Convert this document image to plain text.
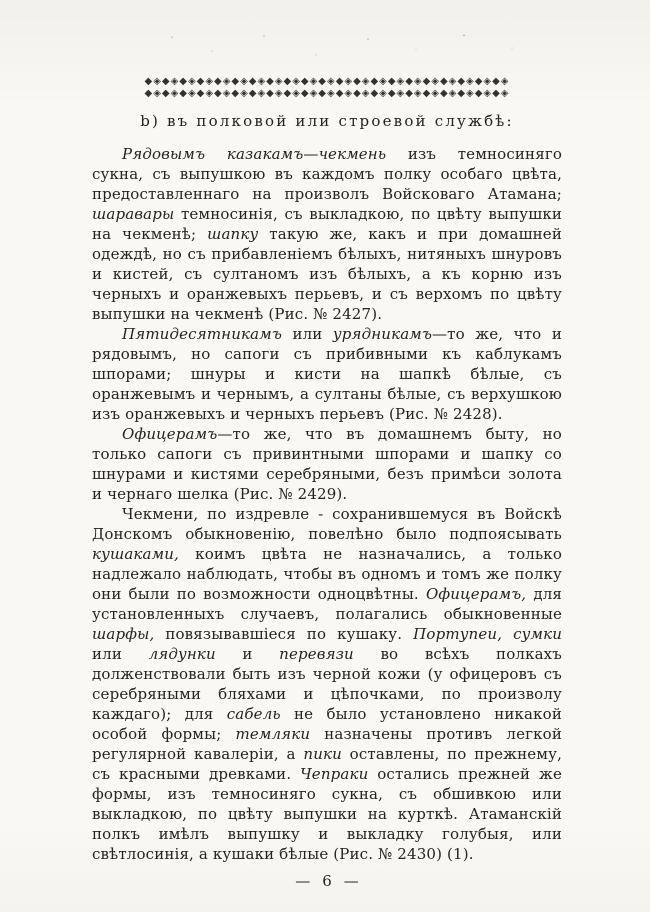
◆◈◆◈◆◈◆◈◆◈◆◈◆◈◆◈◆◈◆◈◆◈◆◈◆◈◆◈◆◈◆◈◆◈◆◈◆◈◆◈◆◈
◆◈◆◈◆◈◆◈◆◈◆◈◆◈◆◈◆◈◆◈◆◈◆◈◆◈◆◈◆◈◆◈◆◈◆◈◆◈◆◈◆◈
b) въ полковой или строевой службѣ:

Рядовымъ казакамъ—чекмень изъ темносиняго сукна, съ выпушкою въ каждомъ полку особаго цвѣта, предоставленнаго на произволъ Войсковаго Атамана; шаравары темносинія, съ выкладкою, по цвѣту выпушки на чекменѣ; шапку такую же, какъ и при домашней одеждѣ, но съ прибавленіемъ бѣлыхъ, нитяныхъ шнуровъ и кистей, съ султаномъ изъ бѣлыхъ, а къ корню изъ черныхъ и оранжевыхъ перьевъ, и съ верхомъ по цвѣту выпушки на чекменѣ (Рис. № 2427).

Пятидесятникамъ или урядникамъ—то же, что и рядовымъ, но сапоги съ прибивными къ каблукамъ шпорами; шнуры и кисти на шапкѣ бѣлые, съ оранжевымъ и чернымъ, а султаны бѣлые, съ верхушкою изъ оранжевыхъ и черныхъ перьевъ (Рис. № 2428).

Офицерамъ—то же, что въ домашнемъ быту, но только сапоги съ привинтными шпорами и шапку со шнурами и кистями серебряными, безъ примѣси золота и чернаго шелка (Рис. № 2429).

Чекмени, по издревле - сохранившемуся въ Войскѣ Донскомъ обыкновенію, повелѣно было подпоясывать кушаками, коимъ цвѣта не назначались, а только надлежало наблюдать, чтобы въ одномъ и томъ же полку они были по возможности одноцвѣтны. Офицерамъ, для установленныхъ случаевъ, полагались обыкновенные шарфы, повязывавшіеся по кушаку. Портупеи, сумки или лядунки и перевязи во всѣхъ полкахъ долженствовали быть изъ черной кожи (у офицеровъ съ серебряными бляхами и цѣпочками, по произволу каждаго); для сабель не было установлено никакой особой формы; темляки назначены противъ легкой регулярной кавалеріи, а пики оставлены, по прежнему, съ красными древками. Чепраки остались прежней же формы, изъ темносиняго сукна, съ обшивкою или выкладкою, по цвѣту выпушки на курткѣ. Атаманскій полкъ имѣлъ выпушку и выкладку голубыя, или свѣтлосинія, а кушаки бѣлые (Рис. № 2430) (1).

— 6 —
